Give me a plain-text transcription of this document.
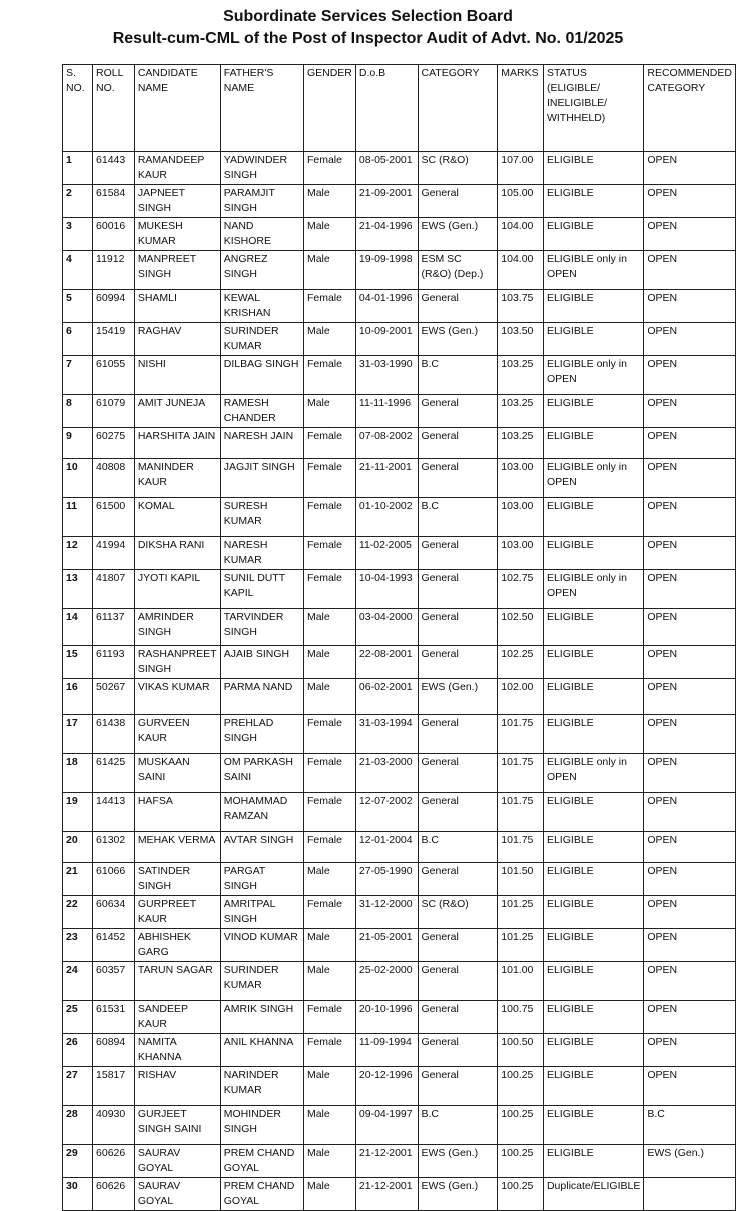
Subordinate Services Selection Board
Result-cum-CML of the Post of Inspector Audit of Advt. No. 01/2025
S. NO.	ROLL NO.	CANDIDATE NAME	FATHER'S NAME	GENDER	D.o.B	CATEGORY	MARKS	STATUS (ELIGIBLE/ INELIGIBLE/ WITHHELD)	RECOMMENDED CATEGORY
1	61443	RAMANDEEP KAUR	YADWINDER SINGH	Female	08-05-2001	SC (R&O)	107.00	ELIGIBLE	OPEN
2	61584	JAPNEET SINGH	PARAMJIT SINGH	Male	21-09-2001	General	105.00	ELIGIBLE	OPEN
3	60016	MUKESH KUMAR	NAND KISHORE	Male	21-04-1996	EWS (Gen.)	104.00	ELIGIBLE	OPEN
4	11912	MANPREET SINGH	ANGREZ SINGH	Male	19-09-1998	ESM SC (R&O) (Dep.)	104.00	ELIGIBLE only in OPEN	OPEN
5	60994	SHAMLI	KEWAL KRISHAN	Female	04-01-1996	General	103.75	ELIGIBLE	OPEN
6	15419	RAGHAV	SURINDER KUMAR	Male	10-09-2001	EWS (Gen.)	103.50	ELIGIBLE	OPEN
7	61055	NISHI	DILBAG SINGH	Female	31-03-1990	B.C	103.25	ELIGIBLE only in OPEN	OPEN
8	61079	AMIT JUNEJA	RAMESH CHANDER	Male	11-11-1996	General	103.25	ELIGIBLE	OPEN
9	60275	HARSHITA JAIN	NARESH JAIN	Female	07-08-2002	General	103.25	ELIGIBLE	OPEN
10	40808	MANINDER KAUR	JAGJIT SINGH	Female	21-11-2001	General	103.00	ELIGIBLE only in OPEN	OPEN
11	61500	KOMAL	SURESH KUMAR	Female	01-10-2002	B.C	103.00	ELIGIBLE	OPEN
12	41994	DIKSHA RANI	NARESH KUMAR	Female	11-02-2005	General	103.00	ELIGIBLE	OPEN
13	41807	JYOTI KAPIL	SUNIL DUTT KAPIL	Female	10-04-1993	General	102.75	ELIGIBLE only in OPEN	OPEN
14	61137	AMRINDER SINGH	TARVINDER SINGH	Male	03-04-2000	General	102.50	ELIGIBLE	OPEN
15	61193	RASHANPREET SINGH	AJAIB SINGH	Male	22-08-2001	General	102.25	ELIGIBLE	OPEN
16	50267	VIKAS KUMAR	PARMA NAND	Male	06-02-2001	EWS (Gen.)	102.00	ELIGIBLE	OPEN
17	61438	GURVEEN KAUR	PREHLAD SINGH	Female	31-03-1994	General	101.75	ELIGIBLE	OPEN
18	61425	MUSKAAN SAINI	OM PARKASH SAINI	Female	21-03-2000	General	101.75	ELIGIBLE only in OPEN	OPEN
19	14413	HAFSA	MOHAMMAD RAMZAN	Female	12-07-2002	General	101.75	ELIGIBLE	OPEN
20	61302	MEHAK VERMA	AVTAR SINGH	Female	12-01-2004	B.C	101.75	ELIGIBLE	OPEN
21	61066	SATINDER SINGH	PARGAT SINGH	Male	27-05-1990	General	101.50	ELIGIBLE	OPEN
22	60634	GURPREET KAUR	AMRITPAL SINGH	Female	31-12-2000	SC (R&O)	101.25	ELIGIBLE	OPEN
23	61452	ABHISHEK GARG	VINOD KUMAR	Male	21-05-2001	General	101.25	ELIGIBLE	OPEN
24	60357	TARUN SAGAR	SURINDER KUMAR	Male	25-02-2000	General	101.00	ELIGIBLE	OPEN
25	61531	SANDEEP KAUR	AMRIK SINGH	Female	20-10-1996	General	100.75	ELIGIBLE	OPEN
26	60894	NAMITA KHANNA	ANIL KHANNA	Female	11-09-1994	General	100.50	ELIGIBLE	OPEN
27	15817	RISHAV	NARINDER KUMAR	Male	20-12-1996	General	100.25	ELIGIBLE	OPEN
28	40930	GURJEET SINGH SAINI	MOHINDER SINGH	Male	09-04-1997	B.C	100.25	ELIGIBLE	B.C
29	60626	SAURAV GOYAL	PREM CHAND GOYAL	Male	21-12-2001	EWS (Gen.)	100.25	ELIGIBLE	EWS (Gen.)
30	60626	SAURAV GOYAL	PREM CHAND GOYAL	Male	21-12-2001	EWS (Gen.)	100.25	Duplicate/ELIGIBLE	
